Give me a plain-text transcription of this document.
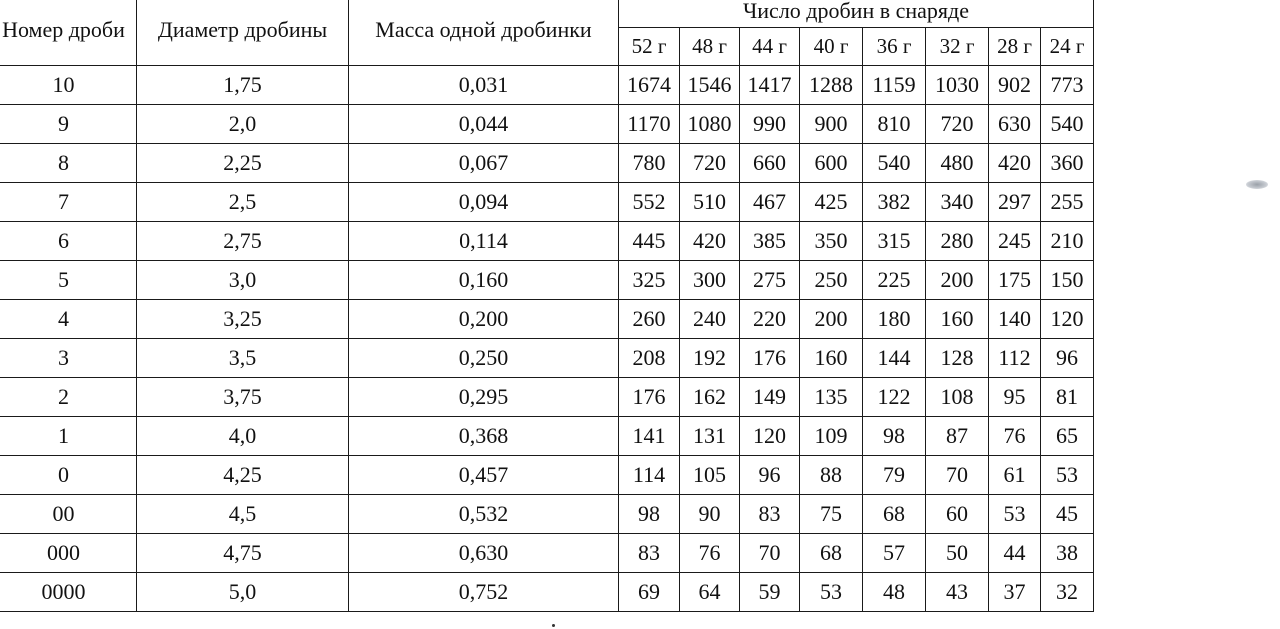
Номер дроби	Диаметр дробины	Масса одной дробинки	Число дробин в снаряде							
			52 г	48 г	44 г	40 г	36 г	32 г	28 г	24 г
10	1,75	0,031	1674	1546	1417	1288	1159	1030	902	773
9	2,0	0,044	1170	1080	990	900	810	720	630	540
8	2,25	0,067	780	720	660	600	540	480	420	360
7	2,5	0,094	552	510	467	425	382	340	297	255
6	2,75	0,114	445	420	385	350	315	280	245	210
5	3,0	0,160	325	300	275	250	225	200	175	150
4	3,25	0,200	260	240	220	200	180	160	140	120
3	3,5	0,250	208	192	176	160	144	128	112	96
2	3,75	0,295	176	162	149	135	122	108	95	81
1	4,0	0,368	141	131	120	109	98	87	76	65
0	4,25	0,457	114	105	96	88	79	70	61	53
00	4,5	0,532	98	90	83	75	68	60	53	45
000	4,75	0,630	83	76	70	68	57	50	44	38
0000	5,0	0,752	69	64	59	53	48	43	37	32
